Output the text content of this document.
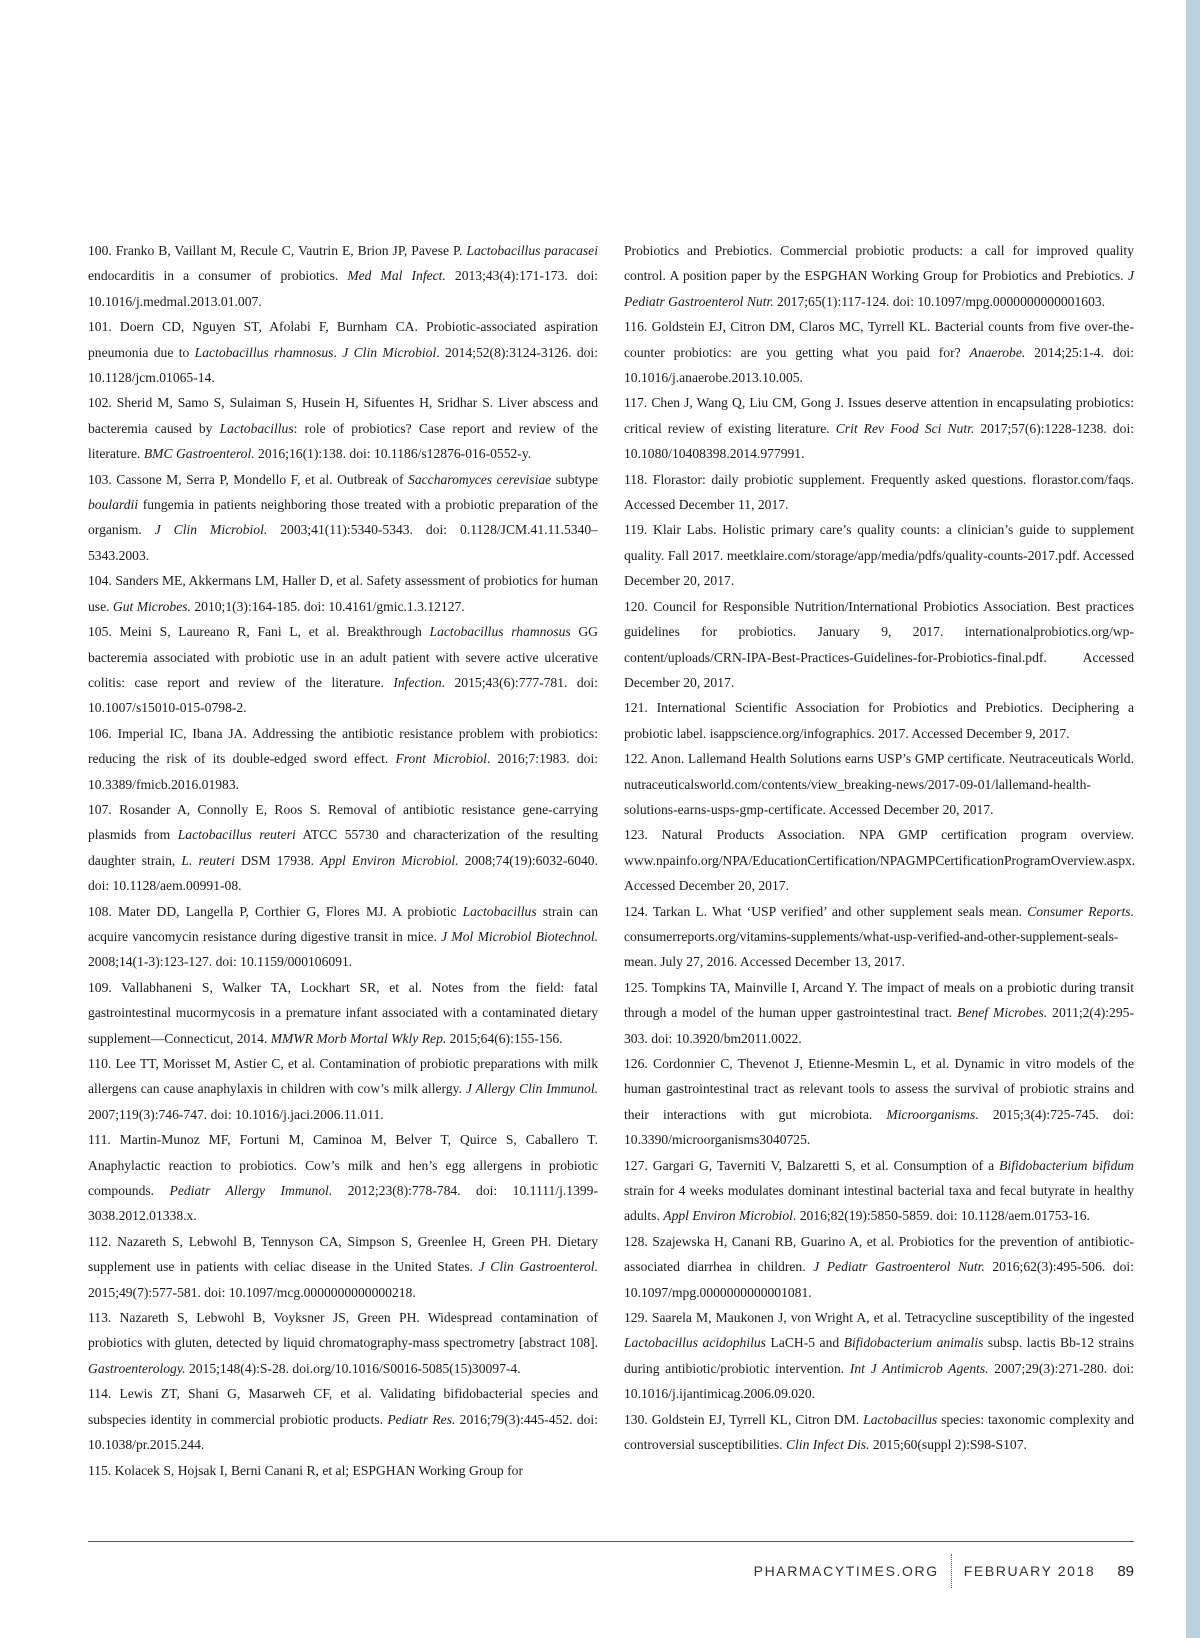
100. Franko B, Vaillant M, Recule C, Vautrin E, Brion JP, Pavese P. Lactobacillus paracasei endocarditis in a consumer of probiotics. Med Mal Infect. 2013;43(4):171-173. doi: 10.1016/j.medmal.2013.01.007.

101. Doern CD, Nguyen ST, Afolabi F, Burnham CA. Probiotic-associated aspiration pneumonia due to Lactobacillus rhamnosus. J Clin Microbiol. 2014;52(8):3124-3126. doi: 10.1128/jcm.01065-14.

102. Sherid M, Samo S, Sulaiman S, Husein H, Sifuentes H, Sridhar S. Liver abscess and bacteremia caused by Lactobacillus: role of probiotics? Case report and review of the literature. BMC Gastroenterol. 2016;16(1):138. doi: 10.1186/s12876-016-0552-y.

103. Cassone M, Serra P, Mondello F, et al. Outbreak of Saccharomyces cerevisiae subtype boulardii fungemia in patients neighboring those treated with a probiotic preparation of the organism. J Clin Microbiol. 2003;41(11):5340-5343. doi: 0.1128/JCM.41.11.5340–5343.2003.

104. Sanders ME, Akkermans LM, Haller D, et al. Safety assessment of probiotics for human use. Gut Microbes. 2010;1(3):164-185. doi: 10.4161/gmic.1.3.12127.

105. Meini S, Laureano R, Fani L, et al. Breakthrough Lactobacillus rhamnosus GG bacteremia associated with probiotic use in an adult patient with severe active ulcerative colitis: case report and review of the literature. Infection. 2015;43(6):777-781. doi: 10.1007/s15010-015-0798-2.

106. Imperial IC, Ibana JA. Addressing the antibiotic resistance problem with probiotics: reducing the risk of its double-edged sword effect. Front Microbiol. 2016;7:1983. doi: 10.3389/fmicb.2016.01983.

107. Rosander A, Connolly E, Roos S. Removal of antibiotic resistance gene-carrying plasmids from Lactobacillus reuteri ATCC 55730 and characterization of the resulting daughter strain, L. reuteri DSM 17938. Appl Environ Microbiol. 2008;74(19):6032-6040. doi: 10.1128/aem.00991-08.

108. Mater DD, Langella P, Corthier G, Flores MJ. A probiotic Lactobacillus strain can acquire vancomycin resistance during digestive transit in mice. J Mol Microbiol Biotechnol. 2008;14(1-3):123-127. doi: 10.1159/000106091.

109. Vallabhaneni S, Walker TA, Lockhart SR, et al. Notes from the field: fatal gastrointestinal mucormycosis in a premature infant associated with a contaminated dietary supplement—Connecticut, 2014. MMWR Morb Mortal Wkly Rep. 2015;64(6):155-156.

110. Lee TT, Morisset M, Astier C, et al. Contamination of probiotic preparations with milk allergens can cause anaphylaxis in children with cow’s milk allergy. J Allergy Clin Immunol. 2007;119(3):746-747. doi: 10.1016/j.jaci.2006.11.011.

111. Martin-Munoz MF, Fortuni M, Caminoa M, Belver T, Quirce S, Caballero T. Anaphylactic reaction to probiotics. Cow’s milk and hen’s egg allergens in probiotic compounds. Pediatr Allergy Immunol. 2012;23(8):778-784. doi: 10.1111/j.1399-3038.2012.01338.x.

112. Nazareth S, Lebwohl B, Tennyson CA, Simpson S, Greenlee H, Green PH. Dietary supplement use in patients with celiac disease in the United States. J Clin Gastroenterol. 2015;49(7):577-581. doi: 10.1097/mcg.0000000000000218.

113. Nazareth S, Lebwohl B, Voyksner JS, Green PH. Widespread contamination of probiotics with gluten, detected by liquid chromatography-mass spectrometry [abstract 108]. Gastroenterology. 2015;148(4):S-28. doi.org/10.1016/S0016-5085(15)30097-4.

114. Lewis ZT, Shani G, Masarweh CF, et al. Validating bifidobacterial species and subspecies identity in commercial probiotic products. Pediatr Res. 2016;79(3):445-452. doi: 10.1038/pr.2015.244.

115. Kolacek S, Hojsak I, Berni Canani R, et al; ESPGHAN Working Group for

Probiotics and Prebiotics. Commercial probiotic products: a call for improved quality control. A position paper by the ESPGHAN Working Group for Probiotics and Prebiotics. J Pediatr Gastroenterol Nutr. 2017;65(1):117-124. doi: 10.1097/mpg.0000000000001603.

116. Goldstein EJ, Citron DM, Claros MC, Tyrrell KL. Bacterial counts from five over-the-counter probiotics: are you getting what you paid for? Anaerobe. 2014;25:1-4. doi: 10.1016/j.anaerobe.2013.10.005.

117. Chen J, Wang Q, Liu CM, Gong J. Issues deserve attention in encapsulating probiotics: critical review of existing literature. Crit Rev Food Sci Nutr. 2017;57(6):1228-1238. doi: 10.1080/10408398.2014.977991.

118. Florastor: daily probiotic supplement. Frequently asked questions. florastor.com/faqs. Accessed December 11, 2017.

119. Klair Labs. Holistic primary care’s quality counts: a clinician’s guide to supplement quality. Fall 2017. meetklaire.com/storage/app/media/pdfs/quality-counts-2017.pdf. Accessed December 20, 2017.

120. Council for Responsible Nutrition/International Probiotics Association. Best practices guidelines for probiotics. January 9, 2017. internationalprobiotics.org/wp-content/uploads/CRN-IPA-Best-Practices-Guidelines-for-Probiotics-final.pdf. Accessed December 20, 2017.

121. International Scientific Association for Probiotics and Prebiotics. Deciphering a probiotic label. isappscience.org/infographics. 2017. Accessed December 9, 2017.

122. Anon. Lallemand Health Solutions earns USP’s GMP certificate. Neutraceuticals World. nutraceuticalsworld.com/contents/view_breaking-news/2017-09-01/lallemand-health-solutions-earns-usps-gmp-certificate. Accessed December 20, 2017.

123. Natural Products Association. NPA GMP certification program overview. www.npainfo.org/NPA/EducationCertification/NPAGMPCertificationProgramOverview.aspx. Accessed December 20, 2017.

124. Tarkan L. What ‘USP verified’ and other supplement seals mean. Consumer Reports. consumerreports.org/vitamins-supplements/what-usp-verified-and-other-supplement-seals-mean. July 27, 2016. Accessed December 13, 2017.

125. Tompkins TA, Mainville I, Arcand Y. The impact of meals on a probiotic during transit through a model of the human upper gastrointestinal tract. Benef Microbes. 2011;2(4):295-303. doi: 10.3920/bm2011.0022.

126. Cordonnier C, Thevenot J, Etienne-Mesmin L, et al. Dynamic in vitro models of the human gastrointestinal tract as relevant tools to assess the survival of probiotic strains and their interactions with gut microbiota. Microorganisms. 2015;3(4):725-745. doi: 10.3390/microorganisms3040725.

127. Gargari G, Taverniti V, Balzaretti S, et al. Consumption of a Bifidobacterium bifidum strain for 4 weeks modulates dominant intestinal bacterial taxa and fecal butyrate in healthy adults. Appl Environ Microbiol. 2016;82(19):5850-5859. doi: 10.1128/aem.01753-16.

128. Szajewska H, Canani RB, Guarino A, et al. Probiotics for the prevention of antibiotic-associated diarrhea in children. J Pediatr Gastroenterol Nutr. 2016;62(3):495-506. doi: 10.1097/mpg.0000000000001081.

129. Saarela M, Maukonen J, von Wright A, et al. Tetracycline susceptibility of the ingested Lactobacillus acidophilus LaCH-5 and Bifidobacterium animalis subsp. lactis Bb-12 strains during antibiotic/probiotic intervention. Int J Antimicrob Agents. 2007;29(3):271-280. doi: 10.1016/j.ijantimicag.2006.09.020.

130. Goldstein EJ, Tyrrell KL, Citron DM. Lactobacillus species: taxonomic complexity and controversial susceptibilities. Clin Infect Dis. 2015;60(suppl 2):S98-S107.

PHARMACYTIMES.ORG FEBRUARY 2018 89
